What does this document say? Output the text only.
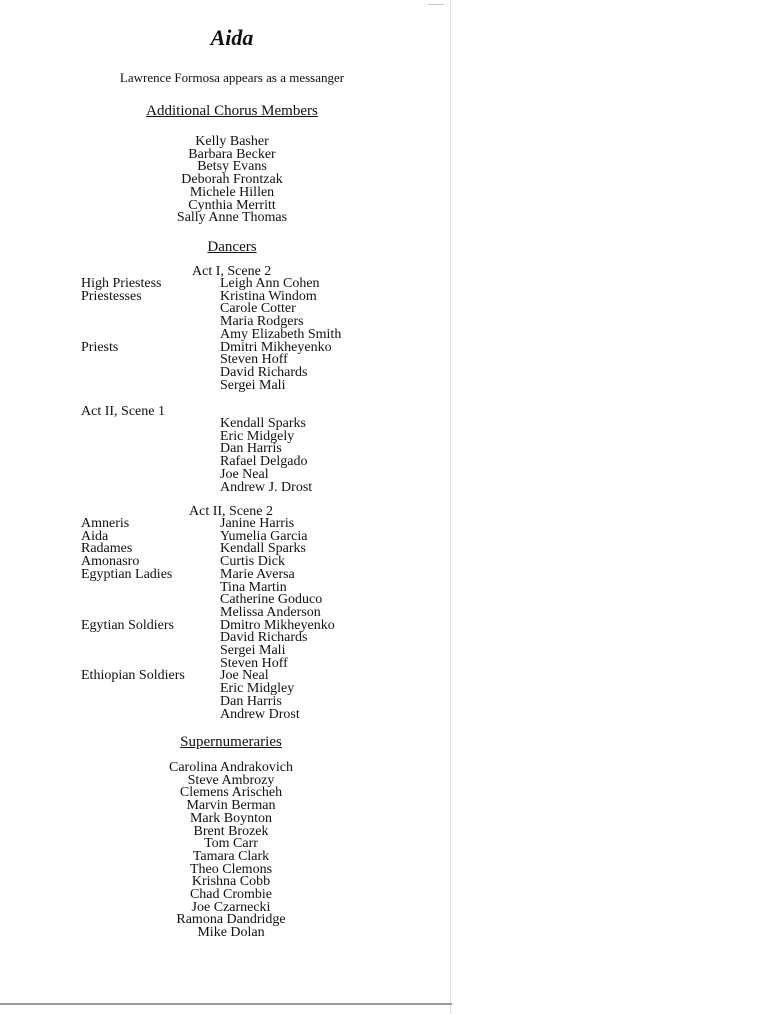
Aida
Lawrence Formosa appears as a messanger
Additional Chorus Members
Kelly Basher
Barbara Becker
Betsy Evans
Deborah Frontzak
Michele Hillen
Cynthia Merritt
Sally Anne Thomas
Dancers
Act I, Scene 2
High Priestess
Priestesses

Priests
Leigh Ann Cohen
Kristina Windom
Carole Cotter
Maria Rodgers
Amy Elizabeth Smith
Dmitri Mikheyenko
Steven Hoff
David Richards
Sergei Mali
Act II, Scene 1
Kendall Sparks
Eric Midgely
Dan Harris
Rafael Delgado
Joe Neal
Andrew J. Drost
Act II, Scene 2
Amneris
Aida
Radames
Amonasro
Egyptian Ladies

Egytian Soldiers

Ethiopian Soldiers
Janine Harris
Yumelia Garcia
Kendall Sparks
Curtis Dick
Marie Aversa
Tina Martin
Catherine Goduco
Melissa Anderson
Dmitro Mikheyenko
David Richards
Sergei Mali
Steven Hoff
Joe Neal
Eric Midgley
Dan Harris
Andrew Drost
Supernumeraries
Carolina Andrakovich
Steve Ambrozy
Clemens Arischeh
Marvin Berman
Mark Boynton
Brent Brozek
Tom Carr
Tamara Clark
Theo Clemons
Krishna Cobb
Chad Crombie
Joe Czarnecki
Ramona Dandridge
Mike Dolan
